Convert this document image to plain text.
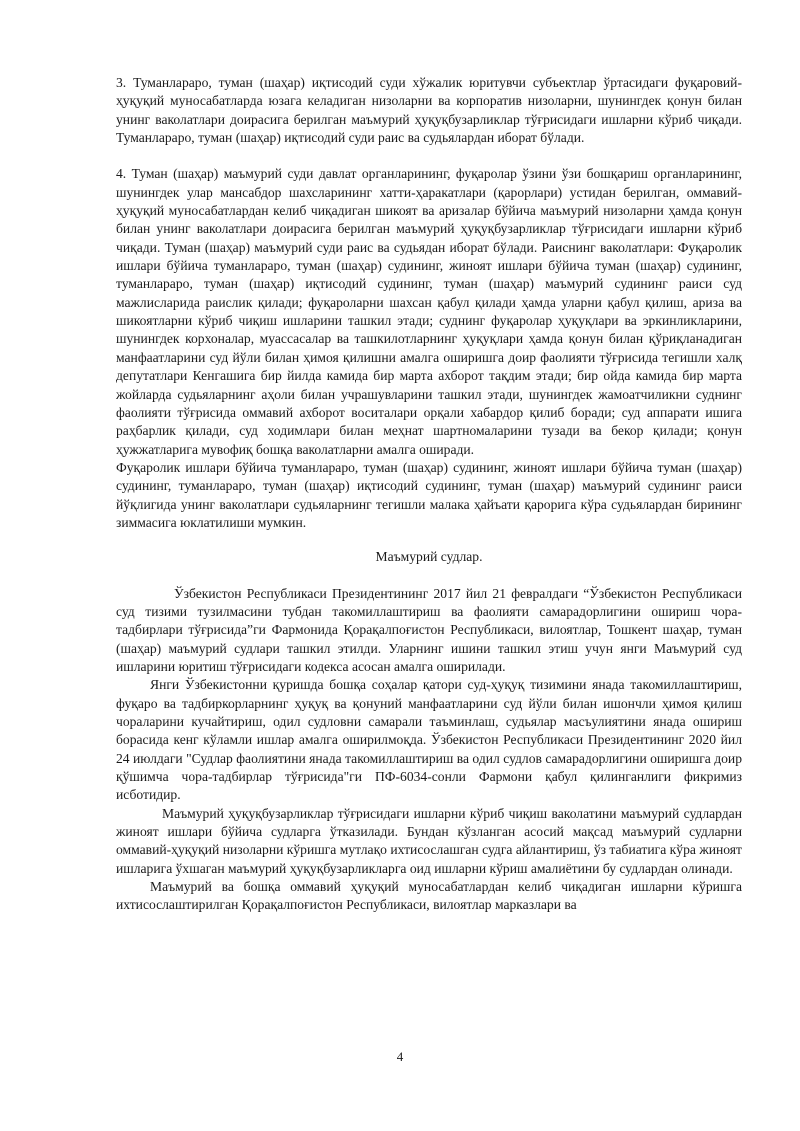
3. Туманлараро, туман (шаҳар) иқтисодий суди хўжалик юритувчи субъектлар ўртасидаги фуқаровий-ҳуқуқий муносабатларда юзага келадиган низоларни ва корпоратив низоларни, шунингдек қонун билан унинг ваколатлари доирасига берилган маъмурий ҳуқуқбузарликлар тўғрисидаги ишларни кўриб чиқади. Туманлараро, туман (шаҳар) иқтисодий суди раис ва судьялардан иборат бўлади.

4. Туман (шаҳар) маъмурий суди давлат органларининг, фуқаролар ўзини ўзи бошқариш органларининг, шунингдек улар мансабдор шахсларининг хатти-ҳаракатлари (қарорлари) устидан берилган, оммавий-ҳуқуқий муносабатлардан келиб чиқадиган шикоят ва аризалар бўйича маъмурий низоларни ҳамда қонун билан унинг ваколатлари доирасига берилган маъмурий ҳуқуқбузарликлар тўғрисидаги ишларни кўриб чиқади. Туман (шаҳар) маъмурий суди раис ва судьядан иборат бўлади. Раиснинг ваколатлари: Фуқаролик ишлари бўйича туманлараро, туман (шаҳар) судининг, жиноят ишлари бўйича туман (шаҳар) судининг, туманлараро, туман (шаҳар) иқтисодий судининг, туман (шаҳар) маъмурий судининг раиси суд мажлисларида раислик қилади; фуқароларни шахсан қабул қилади ҳамда уларни қабул қилиш, ариза ва шикоятларни кўриб чиқиш ишларини ташкил этади; суднинг фуқаролар ҳуқуқлари ва эркинликларини, шунингдек корхоналар, муассасалар ва ташкилотларнинг ҳуқуқлари ҳамда қонун билан қўриқланадиган манфаатларини суд йўли билан ҳимоя қилишни амалга оширишга доир фаолияти тўғрисида тегишли халқ депутатлари Кенгашига бир йилда камида бир марта ахборот тақдим этади; бир ойда камида бир марта жойларда судьяларнинг аҳоли билан учрашувларини ташкил этади, шунингдек жамоатчиликни суднинг фаолияти тўғрисида оммавий ахборот воситалари орқали хабардор қилиб боради; суд аппарати ишига раҳбарлик қилади, суд ходимлари билан меҳнат шартномаларини тузади ва бекор қилади; қонун ҳужжатларига мувофиқ бошқа ваколатларни амалга оширади.

Фуқаролик ишлари бўйича туманлараро, туман (шаҳар) судининг, жиноят ишлари бўйича туман (шаҳар) судининг, туманлараро, туман (шаҳар) иқтисодий судининг, туман (шаҳар) маъмурий судининг раиси йўқлигида унинг ваколатлари судьяларнинг тегишли малака ҳайъати қарорига кўра судьялардан бирининг зиммасига юклатилиши мумкин.

Маъмурий судлар.

Ўзбекистон Республикаси Президентининг 2017 йил 21 февралдаги “Ўзбекистон Республикаси суд тизими тузилмасини тубдан такомиллаштириш ва фаолияти самарадорлигини ошириш чора-тадбирлари тўғрисида”ги Фармонида Қорақалпоғистон Республикаси, вилоятлар, Тошкент шаҳар, туман (шаҳар) маъмурий судлари ташкил этилди. Уларнинг ишини ташкил этиш учун янги Маъмурий суд ишларини юритиш тўғрисидаги кодекса асосан амалга оширилади.

Янги Ўзбекистонни қуришда бошқа соҳалар қатори суд-ҳуқуқ тизимини янада такомиллаштириш, фуқаро ва тадбиркорларнинг ҳуқуқ ва қонуний манфаатларини суд йўли билан ишончли ҳимоя қилиш чораларини кучайтириш, одил судловни самарали таъминлаш, судьялар масъулиятини янада ошириш борасида кенг кўламли ишлар амалга оширилмоқда. Ўзбекистон Республикаси Президентининг 2020 йил 24 июлдаги "Судлар фаолиятини янада такомиллаштириш ва одил судлов самарадорлигини оширишга доир қўшимча чора-тадбирлар тўғрисида"ги ПФ-6034-сонли Фармони қабул қилинганлиги фикримиз исботидир.

Маъмурий ҳуқуқбузарликлар тўғрисидаги ишларни кўриб чиқиш ваколатини маъмурий судлардан жиноят ишлари бўйича судларга ўтказилади. Бундан кўзланган асосий мақсад маъмурий судларни оммавий-ҳуқуқий низоларни кўришга мутлақо ихтисослашган судга айлантириш, ўз табиатига кўра жиноят ишларига ўхшаган маъмурий ҳуқуқбузарликларга оид ишларни кўриш амалиётини бу судлардан олинади.

Маъмурий ва бошқа оммавий ҳуқуқий муносабатлардан келиб чиқадиган ишларни кўришга ихтисослаштирилган Қорақалпоғистон Республикаси, вилоятлар марказлари ва

4
